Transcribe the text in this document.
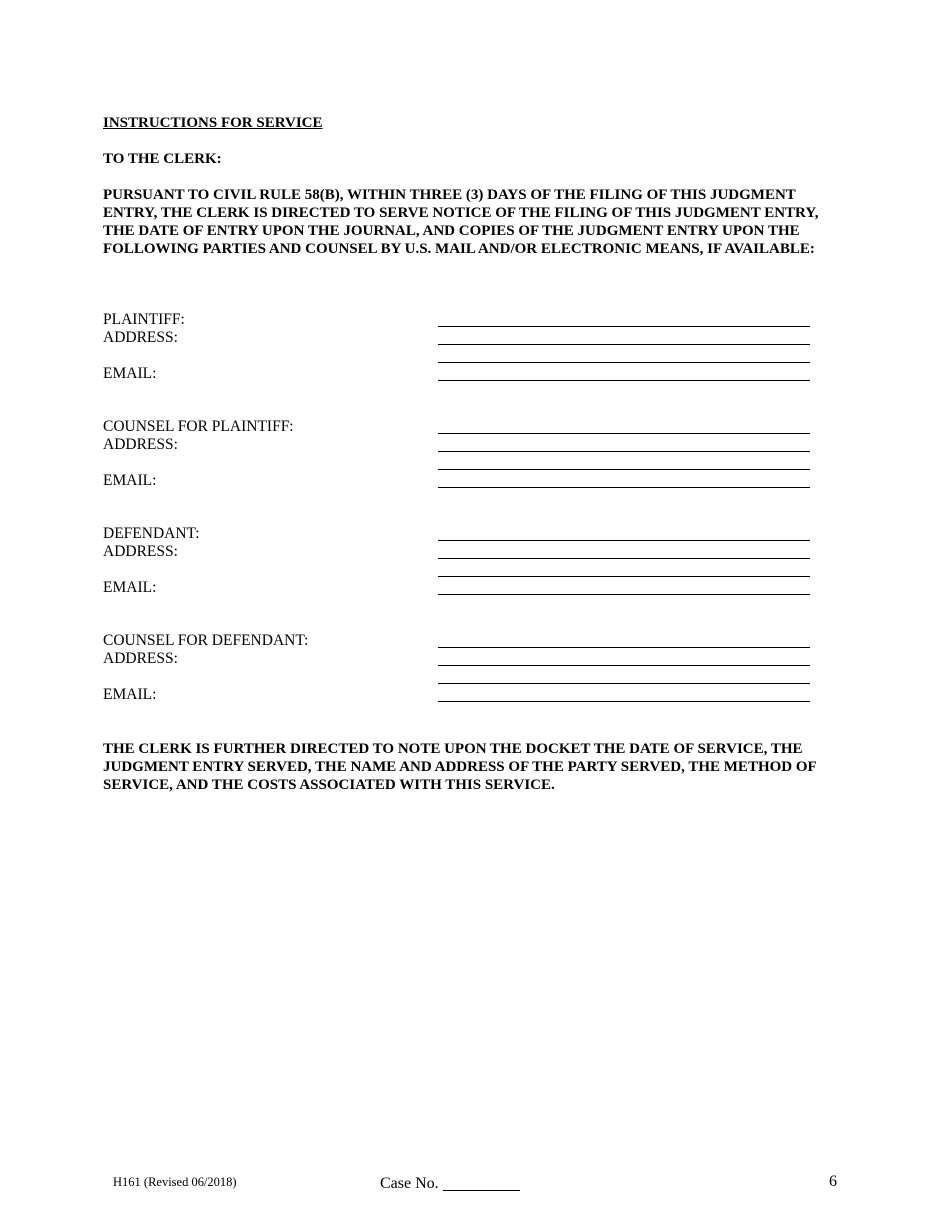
INSTRUCTIONS FOR SERVICE
TO THE CLERK:
PURSUANT TO CIVIL RULE 58(B), WITHIN THREE (3) DAYS OF THE FILING OF THIS JUDGMENT ENTRY, THE CLERK IS DIRECTED TO SERVE NOTICE OF THE FILING OF THIS JUDGMENT ENTRY, THE DATE OF ENTRY UPON THE JOURNAL, AND COPIES OF THE JUDGMENT ENTRY UPON THE FOLLOWING PARTIES AND COUNSEL BY U.S. MAIL AND/OR ELECTRONIC MEANS, IF AVAILABLE:
PLAINTIFF:
ADDRESS:
EMAIL:
COUNSEL FOR PLAINTIFF:
ADDRESS:
EMAIL:
DEFENDANT:
ADDRESS:
EMAIL:
COUNSEL FOR DEFENDANT:
ADDRESS:
EMAIL:
THE CLERK IS FURTHER DIRECTED TO NOTE UPON THE DOCKET THE DATE OF SERVICE, THE JUDGMENT ENTRY SERVED, THE NAME AND ADDRESS OF THE PARTY SERVED, THE METHOD OF SERVICE, AND THE COSTS ASSOCIATED WITH THIS SERVICE.
H161 (Revised 06/2018)	Case No.	6
